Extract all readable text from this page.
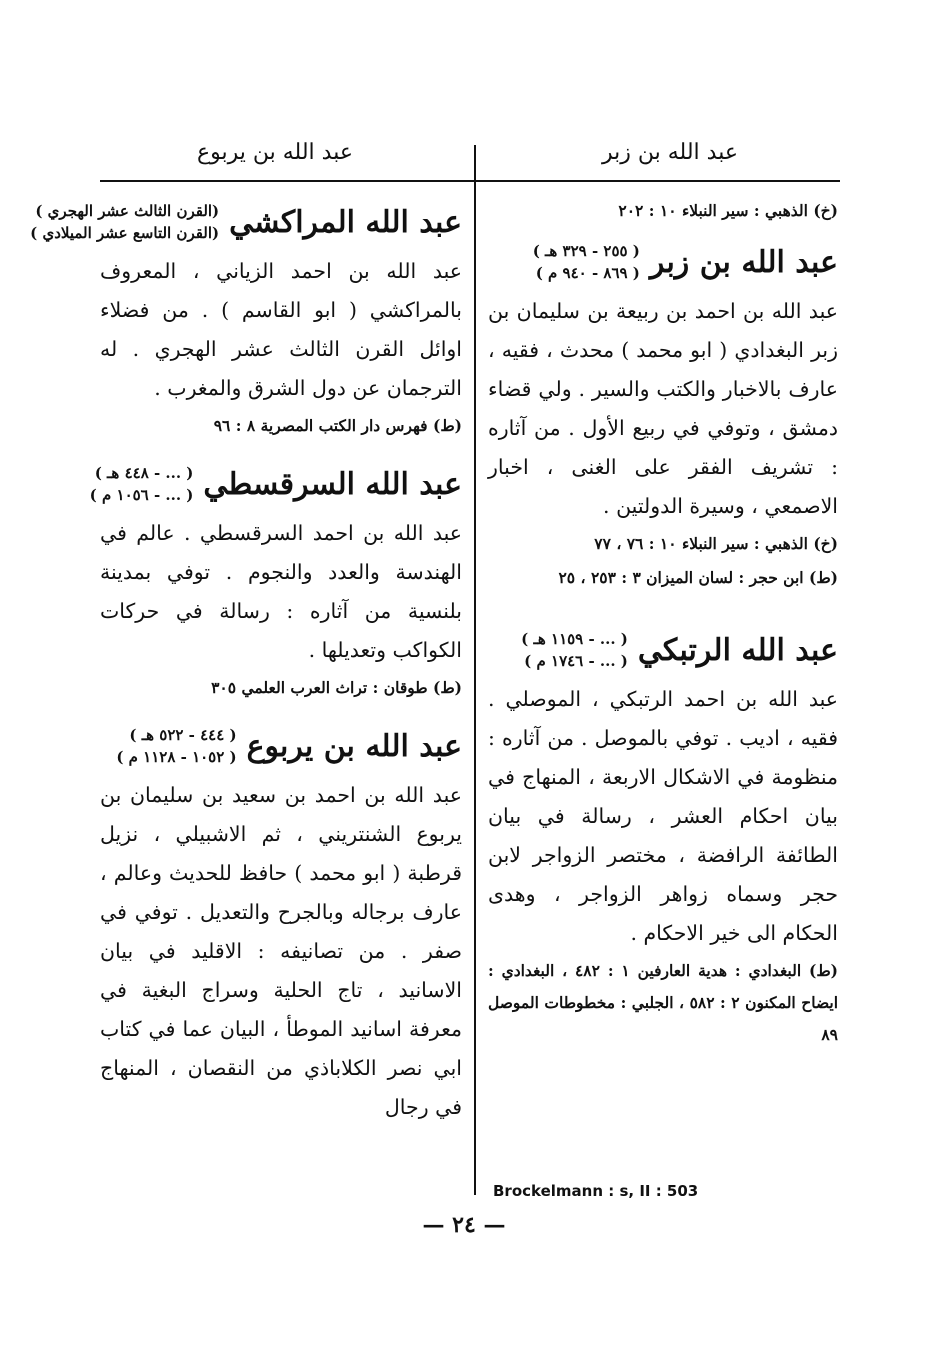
عبد الله بن يربوع	عبد الله بن زبر

(خ) الذهبي : سير النبلاء ١٠ : ٢٠٢

عبد الله بن زبر
( ٢٥٥ - ٣٢٩ هـ )
( ٨٦٩ - ٩٤٠ م )

عبد الله بن احمد بن ربيعة بن سليمان بن زبر البغدادي ( ابو محمد ) محدث ، فقيه ، عارف بالاخبار والكتب والسير . ولي قضاء دمشق ، وتوفي في ربيع الأول . من آثاره : تشريف الفقر على الغنى ، اخبار الاصمعي ، وسيرة الدولتين .

(خ) الذهبي : سير النبلاء ١٠ : ٧٦ ، ٧٧

(ط) ابن حجر : لسان الميزان ٣ : ٢٥٣ ، ٢٥

عبد الله الرتبكي
( ... - ١١٥٩ هـ )
( ... - ١٧٤٦ م )

عبد الله بن احمد الرتبكي ، الموصلي . فقيه ، اديب . توفي بالموصل . من آثاره : منظومة في الاشكال الاربعة ، المنهاج في بيان احكام العشر ، رسالة في بيان الطائفة الرافضة ، مختصر الزواجر لابن حجر وسماه زواهر الزواجر ، وهدى الحكام الى خير الاحكام .

(ط) البغدادي : هدية العارفين ١ : ٤٨٢ ، البغدادي : ايضاح المكنون ٢ : ٥٨٢ ، الجلبي : مخطوطات الموصل ٨٩

عبد الله المراكشي
(القرن الثالث عشر الهجري )
(القرن التاسع عشر الميلادي )

عبد الله بن احمد الزياني ، المعروف بالمراكشي ( ابو القاسم ) . من فضلاء اوائل القرن الثالث عشر الهجري . له الترجمان عن دول الشرق والمغرب .

(ط) فهرس دار الكتب المصرية ٨ : ٩٦

عبد الله السرقسطي
( ... - ٤٤٨ هـ )
( ... - ١٠٥٦ م )

عبد الله بن احمد السرقسطي . عالم في الهندسة والعدد والنجوم . توفي بمدينة بلنسية من آثاره : رسالة في حركات الكواكب وتعديلها .

(ط) طوقان : تراث العرب العلمي ٣٠٥

عبد الله بن يربوع
( ٤٤٤ - ٥٢٢ هـ )
( ١٠٥٢ - ١١٢٨ م )

عبد الله بن احمد بن سعيد بن سليمان بن يربوع الشنتريني ، ثم الاشبيلي ، نزيل قرطبة ( ابو محمد ) حافظ للحديث وعالم ، عارف برجاله وبالجرح والتعديل . توفي في صفر . من تصانيفه : الاقليد في بيان الاسانيد ، تاج الحلية وسراج البغية في معرفة اسانيد الموطأ ، البيان عما في كتاب ابي نصر الكلاباذي من النقصان ، المنهاج في رجال

Brockelmann : s, II : 503
— ٢٤ —
